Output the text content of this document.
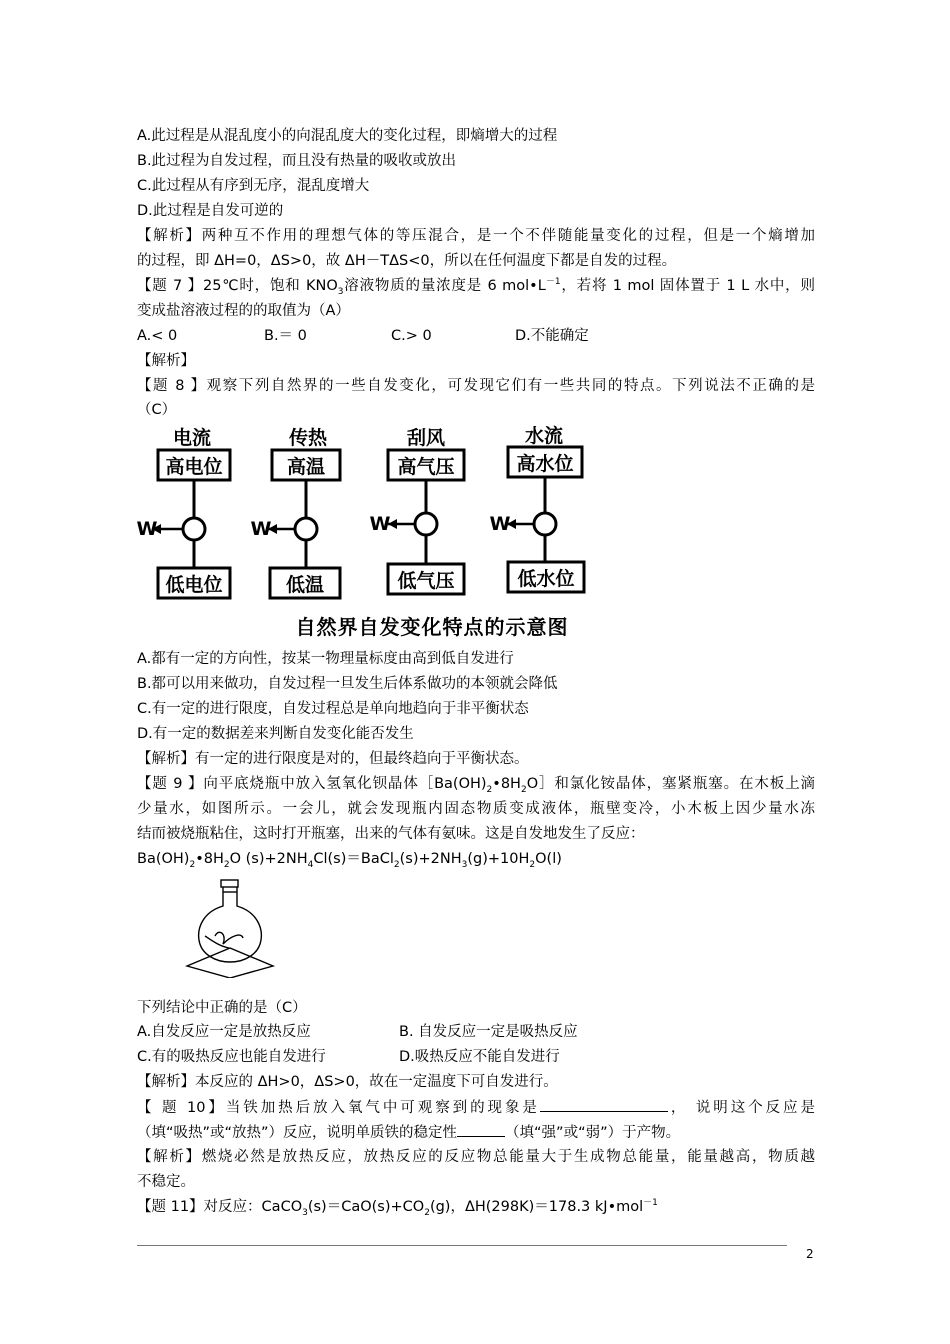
A.此过程是从混乱度小的向混乱度大的变化过程，即熵增大的过程
B.此过程为自发过程，而且没有热量的吸收或放出
C.此过程从有序到无序，混乱度增大
D.此过程是自发可逆的
【解析】两种互不作用的理想气体的等压混合，是一个不伴随能量变化的过程，但是一个熵增加
的过程，即 ΔH=0，ΔS>0，故 ΔH－TΔS<0，所以在任何温度下都是自发的过程。
【题 7 】25℃时，饱和 $KNO_3$溶液物质的量浓度是 6 $mol•L^{-1}$，若将 1 mol 固体置于 1 L 水中，则
变成盐溶液过程的的取值为（A）
A.< 0	B.＝ 0	C.> 0	D.不能确定
【解析】
【题 8 】观察下列自然界的一些自发变化，可发现它们有一些共同的特点。下列说法不正确的是
（C）
电流
高电位
W
低电位
传热
高温
W
低温
刮风
高气压
W
低气压
水流
高水位
W
低水位
自然界自发变化特点的示意图
A.都有一定的方向性，按某一物理量标度由高到低自发进行
B.都可以用来做功，自发过程一旦发生后体系做功的本领就会降低
C.有一定的进行限度，自发过程总是单向地趋向于非平衡状态
D.有一定的数据差来判断自发变化能否发生
【解析】有一定的进行限度是对的，但最终趋向于平衡状态。
【题 9 】向平底烧瓶中放入氢氧化钡晶体$[Ba(OH)_2•8H_2O]$和氯化铵晶体，塞紧瓶塞。在木板上滴
少量水，如图所示。一会儿，就会发现瓶内固态物质变成液体，瓶壁变冷，小木板上因少量水冻
结而被烧瓶粘住，这时打开瓶塞，出来的气体有氨味。这是自发地发生了反应：
$Ba(OH)_2•8H_2O$ $(s)+2NH_4Cl(s)=BaCl_2(s)+2NH_3(g)+10H_2O(l)$
下列结论中正确的是（C）
A.自发反应一定是放热反应	B. 自发反应一定是吸热反应
C.有的吸热反应也能自发进行	D.吸热反应不能自发进行
【解析】本反应的 ΔH>0，ΔS>0，故在一定温度下可自发进行。
【 题 10】当铁加热后放入氧气中可观察到的现象是	， 说明这个反应是
（填“吸热”或“放热”）反应，说明单质铁的稳定性	（填“强”或“弱”）于产物。
【解析】燃烧必然是放热反应，放热反应的反应物总能量大于生成物总能量，能量越高，物质越
不稳定。
【题 11】对反应：$CaCO_3(s)=CaO(s)+CO_2(g)$，ΔH(298K)＝178.3 kJ•mol$^{-1}$
2
